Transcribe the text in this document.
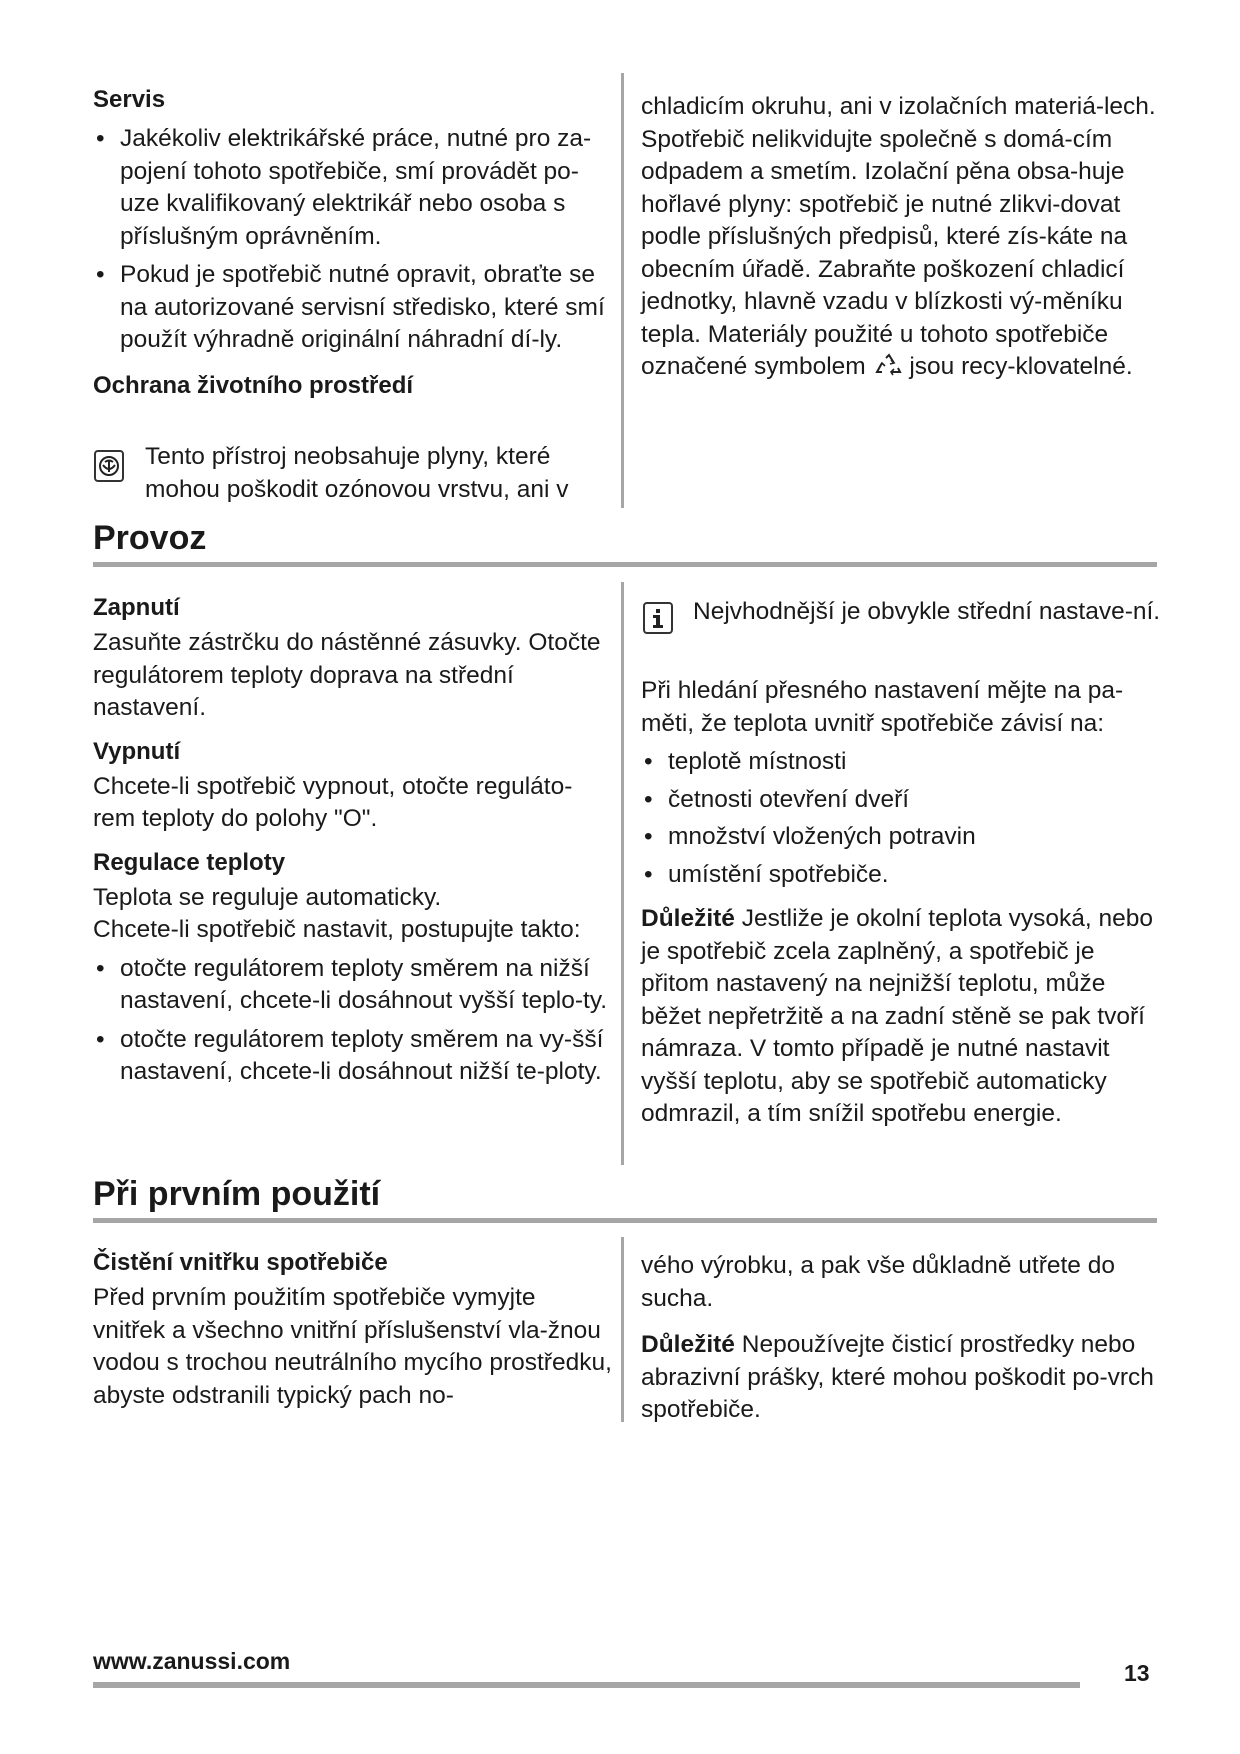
Servis
• Jakékoliv elektrikářské práce, nutné pro za-pojení tohoto spotřebiče, smí provádět po-uze kvalifikovaný elektrikář nebo osoba s příslušným oprávněním.
• Pokud je spotřebič nutné opravit, obraťte se na autorizované servisní středisko, které smí použít výhradně originální náhradní dí-ly.
Ochrana životního prostředí
Tento přístroj neobsahuje plyny, které mohou poškodit ozónovou vrstvu, ani v
chladicím okruhu, ani v izolačních materiá-lech. Spotřebič nelikvidujte společně s domá-cím odpadem a smetím. Izolační pěna obsa-huje hořlavé plyny: spotřebič je nutné zlikvi-dovat podle příslušných předpisů, které zís-káte na obecním úřadě. Zabraňte poškození chladicí jednotky, hlavně vzadu v blízkosti vý-měníku tepla. Materiály použité u tohoto spotřebiče označené symbolem jsou recy-klovatelné.
Provoz
Zapnutí

Zasuňte zástrčku do nástěnné zásuvky. Otočte regulátorem teploty doprava na střední nastavení.

Vypnutí

Chcete-li spotřebič vypnout, otočte reguláto-rem teploty do polohy "O".

Regulace teploty

Teplota se reguluje automaticky.

Chcete-li spotřebič nastavit, postupujte takto:

• otočte regulátorem teploty směrem na nižší nastavení, chcete-li dosáhnout vyšší teplo-ty.
• otočte regulátorem teploty směrem na vy-šší nastavení, chcete-li dosáhnout nižší te-ploty.
Nejvhodnější je obvykle střední nastave-ní.

Při hledání přesného nastavení mějte na pa-měti, že teplota uvnitř spotřebiče závisí na:

• teplotě místnosti
• četnosti otevření dveří
• množství vložených potravin
• umístění spotřebiče.

Důležité Jestliže je okolní teplota vysoká, nebo je spotřebič zcela zaplněný, a spotřebič je přitom nastavený na nejnižší teplotu, může běžet nepřetržitě a na zadní stěně se pak tvoří námraza. V tomto případě je nutné nastavit vyšší teplotu, aby se spotřebič automaticky odmrazil, a tím snížil spotřebu energie.

Při prvním použití
Čistění vnitřku spotřebiče

Před prvním použitím spotřebiče vymyjte vnitřek a všechno vnitřní příslušenství vla-žnou vodou s trochou neutrálního mycího prostředku, abyste odstranili typický pach no-

vého výrobku, a pak vše důkladně utřete do sucha.

Důležité Nepoužívejte čisticí prostředky nebo abrazivní prášky, které mohou poškodit po-vrch spotřebiče.

www.zanussi.com	13
